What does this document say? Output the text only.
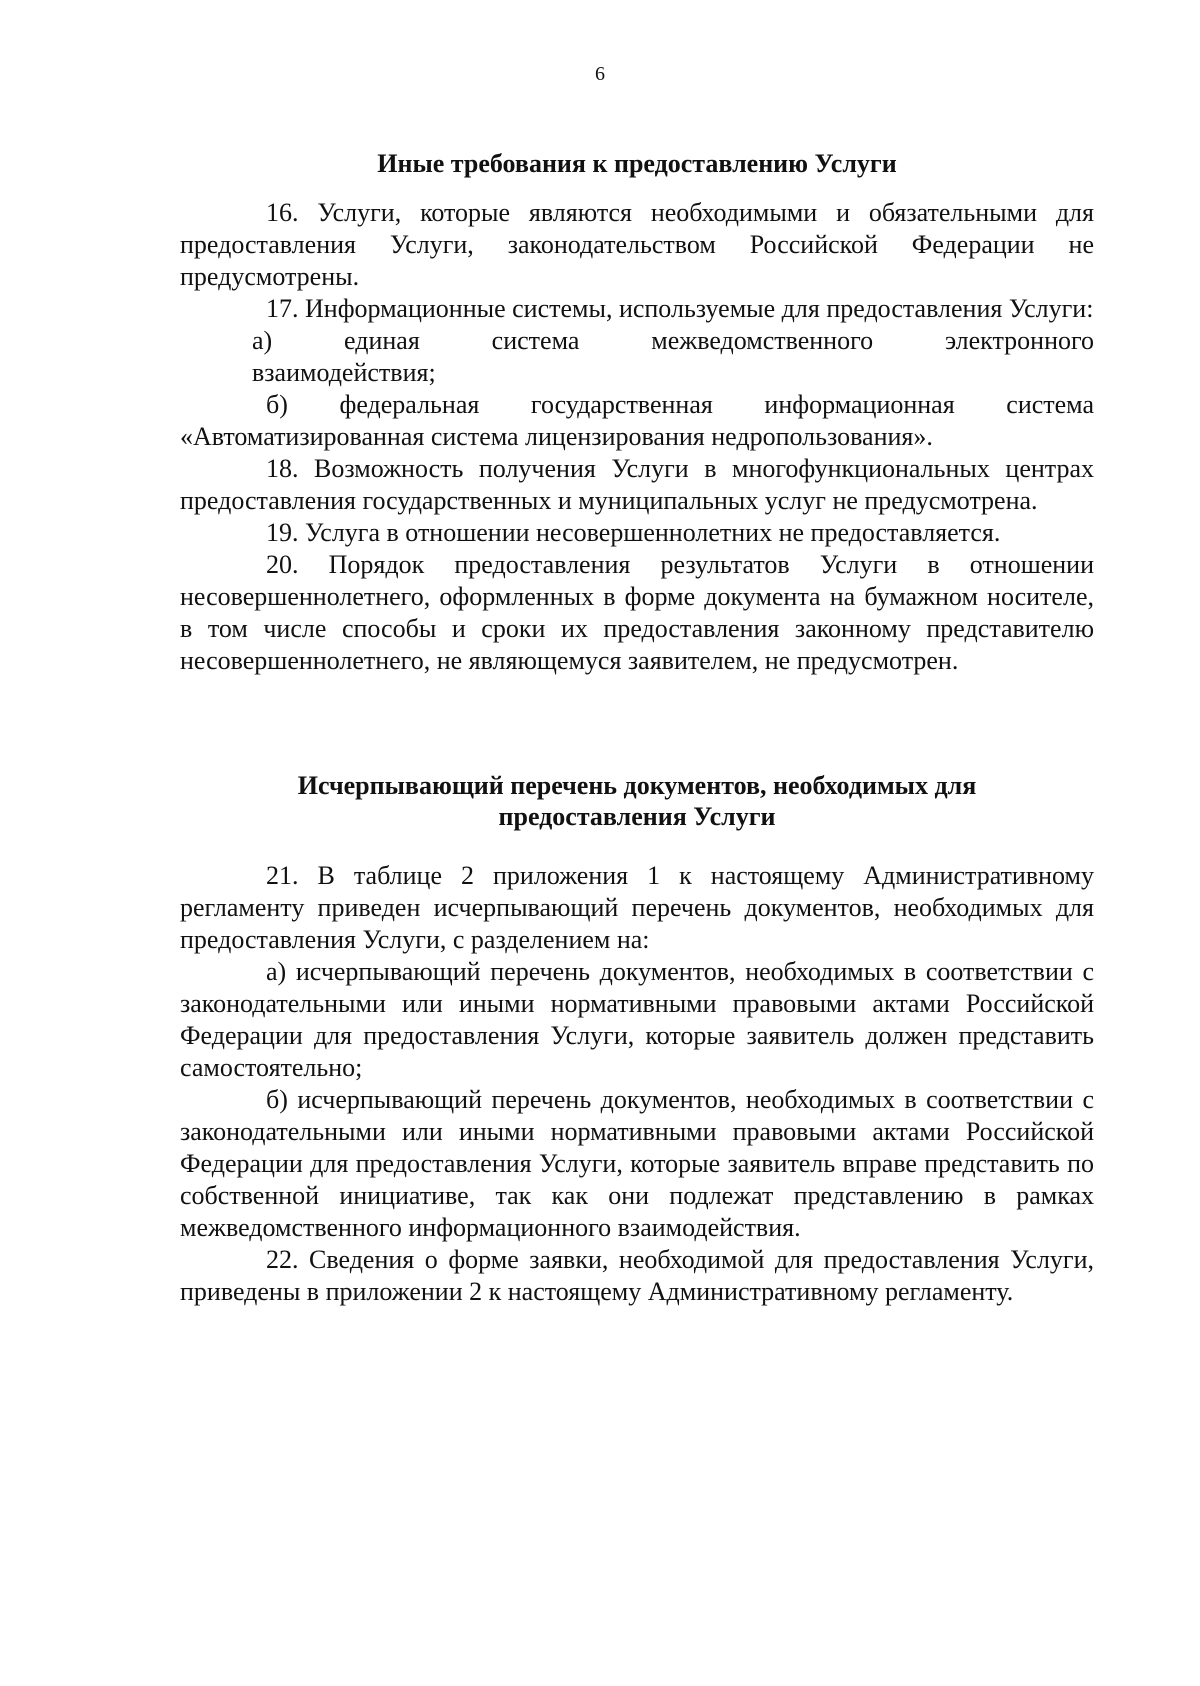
6

Иные требования к предоставлению Услуги

16. Услуги, которые являются необходимыми и обязательными для предоставления Услуги, законодательством Российской Федерации не предусмотрены.

17. Информационные системы, используемые для предоставления Услуги:

а) единая система межведомственного электронного

взаимодействия;

б) федеральная государственная информационная система «Автоматизированная система лицензирования недропользования».

18. Возможность получения Услуги в многофункциональных центрах предоставления государственных и муниципальных услуг не предусмотрена.

19. Услуга в отношении несовершеннолетних не предоставляется.

20. Порядок предоставления результатов Услуги в отношении несовершеннолетнего, оформленных в форме документа на бумажном носителе, в том числе способы и сроки их предоставления законному представителю несовершеннолетнего, не являющемуся заявителем, не предусмотрен.

Исчерпывающий перечень документов, необходимых для

предоставления Услуги

21. В таблице 2 приложения 1 к настоящему Административному регламенту приведен исчерпывающий перечень документов, необходимых для предоставления Услуги, с разделением на:

а) исчерпывающий перечень документов, необходимых в соответствии с законодательными или иными нормативными правовыми актами Российской Федерации для предоставления Услуги, которые заявитель должен представить самостоятельно;

б) исчерпывающий перечень документов, необходимых в соответствии с законодательными или иными нормативными правовыми актами Российской Федерации для предоставления Услуги, которые заявитель вправе представить по собственной инициативе, так как они подлежат представлению в рамках межведомственного информационного взаимодействия.

22. Сведения о форме заявки, необходимой для предоставления Услуги, приведены в приложении 2 к настоящему Административному регламенту.
